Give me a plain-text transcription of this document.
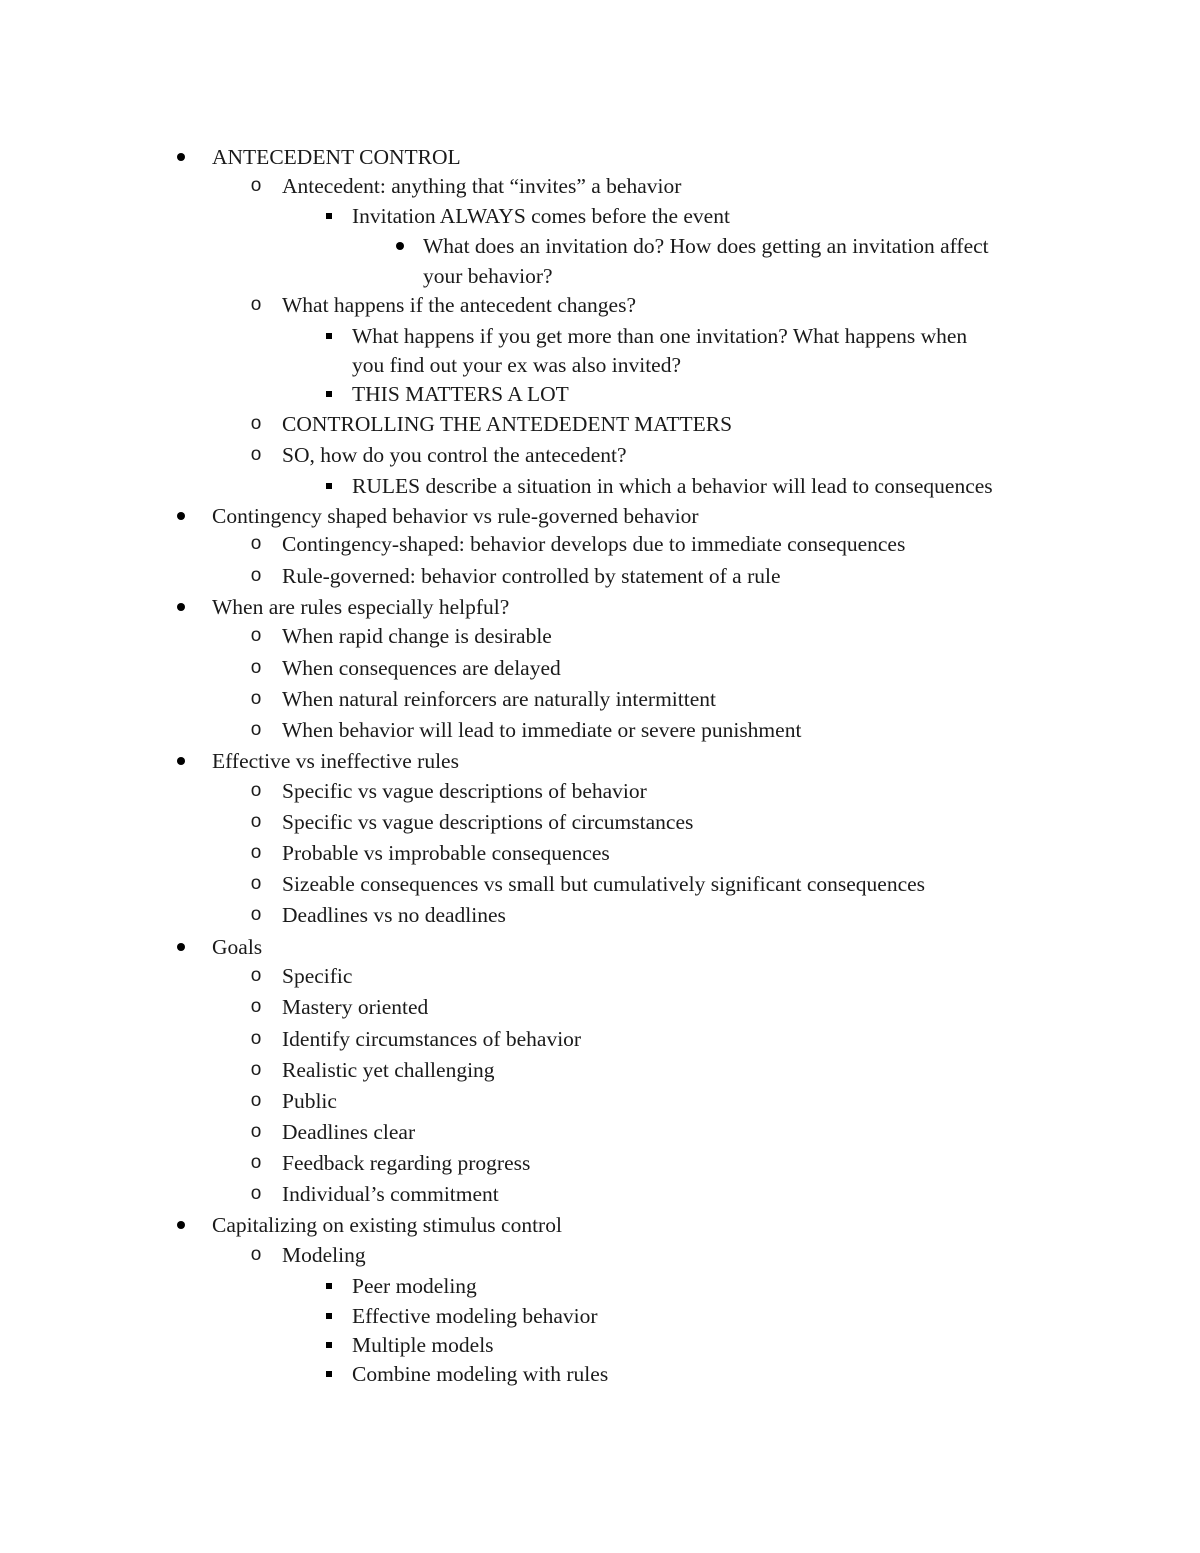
ANTECEDENT CONTROL
Antecedent: anything that “invites” a behavior
Invitation ALWAYS comes before the event
What does an invitation do? How does getting an invitation affect
your behavior?
What happens if the antecedent changes?
What happens if you get more than one invitation? What happens when
you find out your ex was also invited?
THIS MATTERS A LOT
CONTROLLING THE ANTEDEDENT MATTERS
SO, how do you control the antecedent?
RULES describe a situation in which a behavior will lead to consequences
Contingency shaped behavior vs rule-governed behavior
Contingency-shaped: behavior develops due to immediate consequences
Rule-governed: behavior controlled by statement of a rule
When are rules especially helpful?
When rapid change is desirable
When consequences are delayed
When natural reinforcers are naturally intermittent
When behavior will lead to immediate or severe punishment
Effective vs ineffective rules
Specific vs vague descriptions of behavior
Specific vs vague descriptions of circumstances
Probable vs improbable consequences
Sizeable consequences vs small but cumulatively significant consequences
Deadlines vs no deadlines
Goals
Specific
Mastery oriented
Identify circumstances of behavior
Realistic yet challenging
Public
Deadlines clear
Feedback regarding progress
Individual’s commitment
Capitalizing on existing stimulus control
Modeling
Peer modeling
Effective modeling behavior
Multiple models
Combine modeling with rules
